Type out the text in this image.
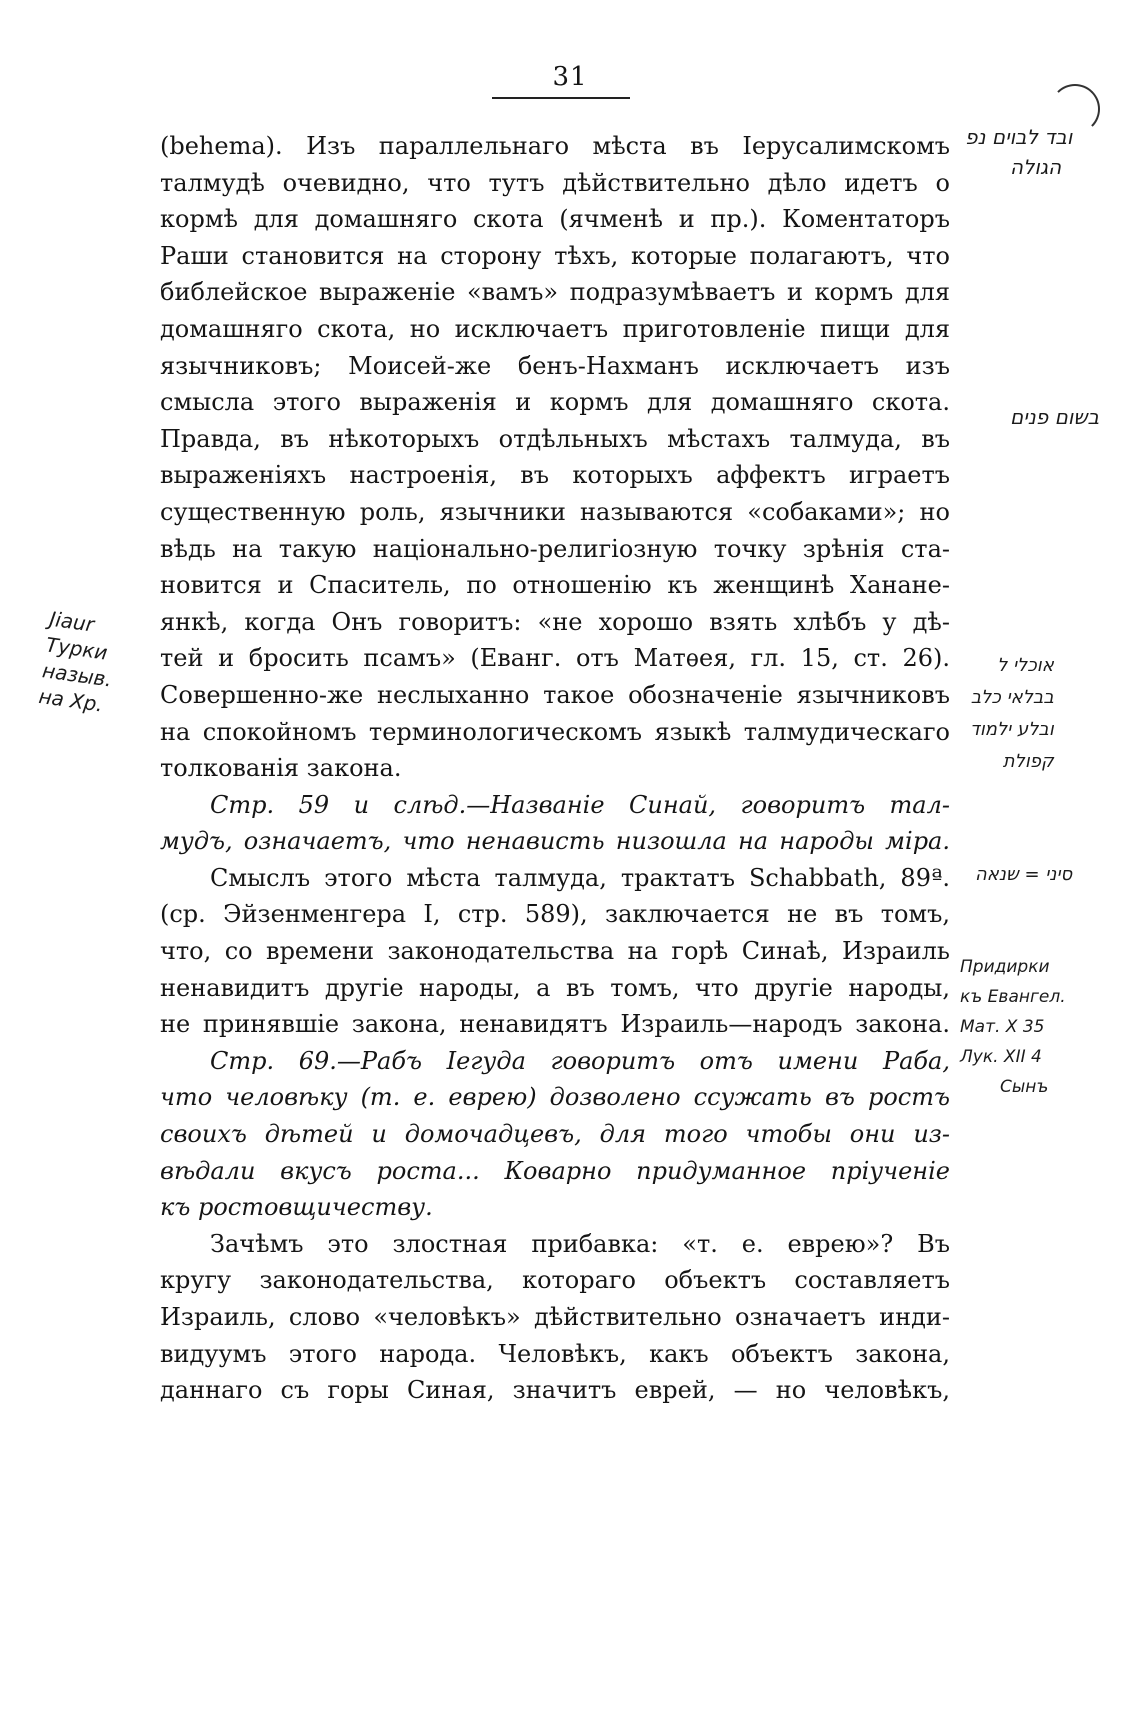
31
(behema). Изъ параллельнаго мѣста въ Іерусалимскомъ
талмудѣ очевидно, что тутъ дѣйствительно дѣло идетъ о
кормѣ для домашняго скота (ячменѣ и пр.). Коментаторъ
Раши становится на сторону тѣхъ, которые полагаютъ, что
библейское выраженіе «вамъ» подразумѣваетъ и кормъ для
домашняго скота, но исключаетъ приготовленіе пищи для
язычниковъ; Моисей-же бенъ-Нахманъ исключаетъ изъ
смысла этого выраженія и кормъ для домашняго скота.
Правда, въ нѣкоторыхъ отдѣльныхъ мѣстахъ талмуда, въ
выраженіяхъ настроенія, въ которыхъ аффектъ играетъ
существенную роль, язычники называются «собаками»; но
вѣдь на такую національно-религіозную точку зрѣнія ста-
новится и Спаситель, по отношенію къ женщинѣ Ханане-
янкѣ, когда Онъ говоритъ: «не хорошо взять хлѣбъ у дѣ-
тей и бросить псамъ» (Еванг. отъ Матѳея, гл. 15, ст. 26).
Совершенно-же неслыханно такое обозначеніе язычниковъ
на спокойномъ терминологическомъ языкѣ талмудическаго
толкованія закона.
Стр. 59 и слѣд.—Названіе Синай, говоритъ тал-
мудъ, означаетъ, что ненависть низошла на народы міра.
Смыслъ этого мѣста талмуда, трактатъ Schabbath, 89ª.
(ср. Эйзенменгера I, стр. 589), заключается не въ томъ,
что, со времени законодательства на горѣ Синаѣ, Израиль
ненавидитъ другіе народы, а въ томъ, что другіе народы,
не принявшіе закона, ненавидятъ Израиль—народъ закона.
Стр. 69.—Рабъ Іегуда говоритъ отъ имени Раба,
что человѣку (т. е. еврею) дозволено ссужать въ ростъ
своихъ дѣтей и домочадцевъ, для того чтобы они из-
вѣдали вкусъ роста... Коварно придуманное пріученіе
къ ростовщичеству.
Зачѣмъ это злостная прибавка: «т. е. еврею»? Въ
кругу законодательства, котораго объектъ составляетъ
Израиль, слово «человѣкъ» дѣйствительно означаетъ инди-
видуумъ этого народа. Человѣкъ, какъ объектъ закона,
даннаго съ горы Синая, значитъ еврей, — но человѣкъ,
ובד לבוים נפ
הגולה
בשום פנים
Jiaur
Турки
назыв.
на Хр.
אוכלי ל
בבלאי כלב
ובלע ילמוד
קפולת
סיני = שנאה
Придирки
къ Евангел.
Мат. X 35
Лук. XII 4
Сынъ
